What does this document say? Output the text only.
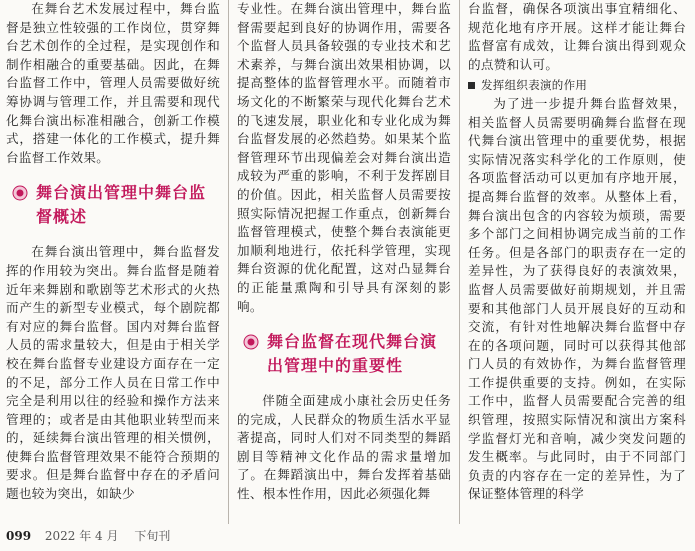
在舞台艺术发展过程中，舞台监督是独立性较强的工作岗位，贯穿舞台艺术创作的全过程，是实现创作和制作相融合的重要基础。因此，在舞台监督工作中，管理人员需要做好统筹协调与管理工作，并且需要和现代化舞台演出标准相融合，创新工作模式，搭建一体化的工作模式，提升舞台监督工作效果。

舞台演出管理中舞台监督概述

在舞台演出管理中，舞台监督发挥的作用较为突出。舞台监督是随着近年来舞剧和歌剧等艺术形式的火热而产生的新型专业模式，每个剧院都有对应的舞台监督。国内对舞台监督人员的需求量较大，但是由于相关学校在舞台监督专业建设方面存在一定的不足，部分工作人员在日常工作中完全是利用以往的经验和操作方法来管理的；或者是由其他职业转型而来的，延续舞台演出管理的相关惯例，使舞台监督管理效果不能符合预期的要求。但是舞台监督中存在的矛盾问题也较为突出，如缺少

专业性。在舞台演出管理中，舞台监督需要起到良好的协调作用，需要各个监督人员具备较强的专业技术和艺术素养，与舞台演出效果相协调，以提高整体的监督管理水平。而随着市场文化的不断繁荣与现代化舞台艺术的飞速发展，职业化和专业化成为舞台监督发展的必然趋势。如果某个监督管理环节出现偏差会对舞台演出造成较为严重的影响，不利于发挥剧目的价值。因此，相关监督人员需要按照实际情况把握工作重点，创新舞台监督管理模式，使整个舞台表演能更加顺利地进行，依托科学管理，实现舞台资源的优化配置，这对凸显舞台的正能量熏陶和引导具有深刻的影响。

舞台监督在现代舞台演出管理中的重要性

伴随全面建成小康社会历史任务的完成，人民群众的物质生活水平显著提高，同时人们对不同类型的舞蹈剧目等精神文化作品的需求量增加了。在舞蹈演出中，舞台发挥着基础性、根本性作用，因此必须强化舞

台监督，确保各项演出事宜精细化、规范化地有序开展。这样才能让舞台监督富有成效，让舞台演出得到观众的点赞和认可。

发挥组织表演的作用

为了进一步提升舞台监督效果，相关监督人员需要明确舞台监督在现代舞台演出管理中的重要优势，根据实际情况落实科学化的工作原则，使各项监督活动可以更加有序地开展，提高舞台监督的效率。从整体上看，舞台演出包含的内容较为烦琐，需要多个部门之间相协调完成当前的工作任务。但是各部门的职责存在一定的差异性，为了获得良好的表演效果，监督人员需要做好前期规划，并且需要和其他部门人员开展良好的互动和交流，有针对性地解决舞台监督中存在的各项问题，同时可以获得其他部门人员的有效协作，为舞台监督管理工作提供重要的支持。例如，在实际工作中，监督人员需要配合完善的组织管理，按照实际情况和演出方案科学监督灯光和音响，减少突发问题的发生概率。与此同时，由于不同部门负责的内容存在一定的差异性，为了保证整体管理的科学

099 2022 年 4 月 下旬刊
